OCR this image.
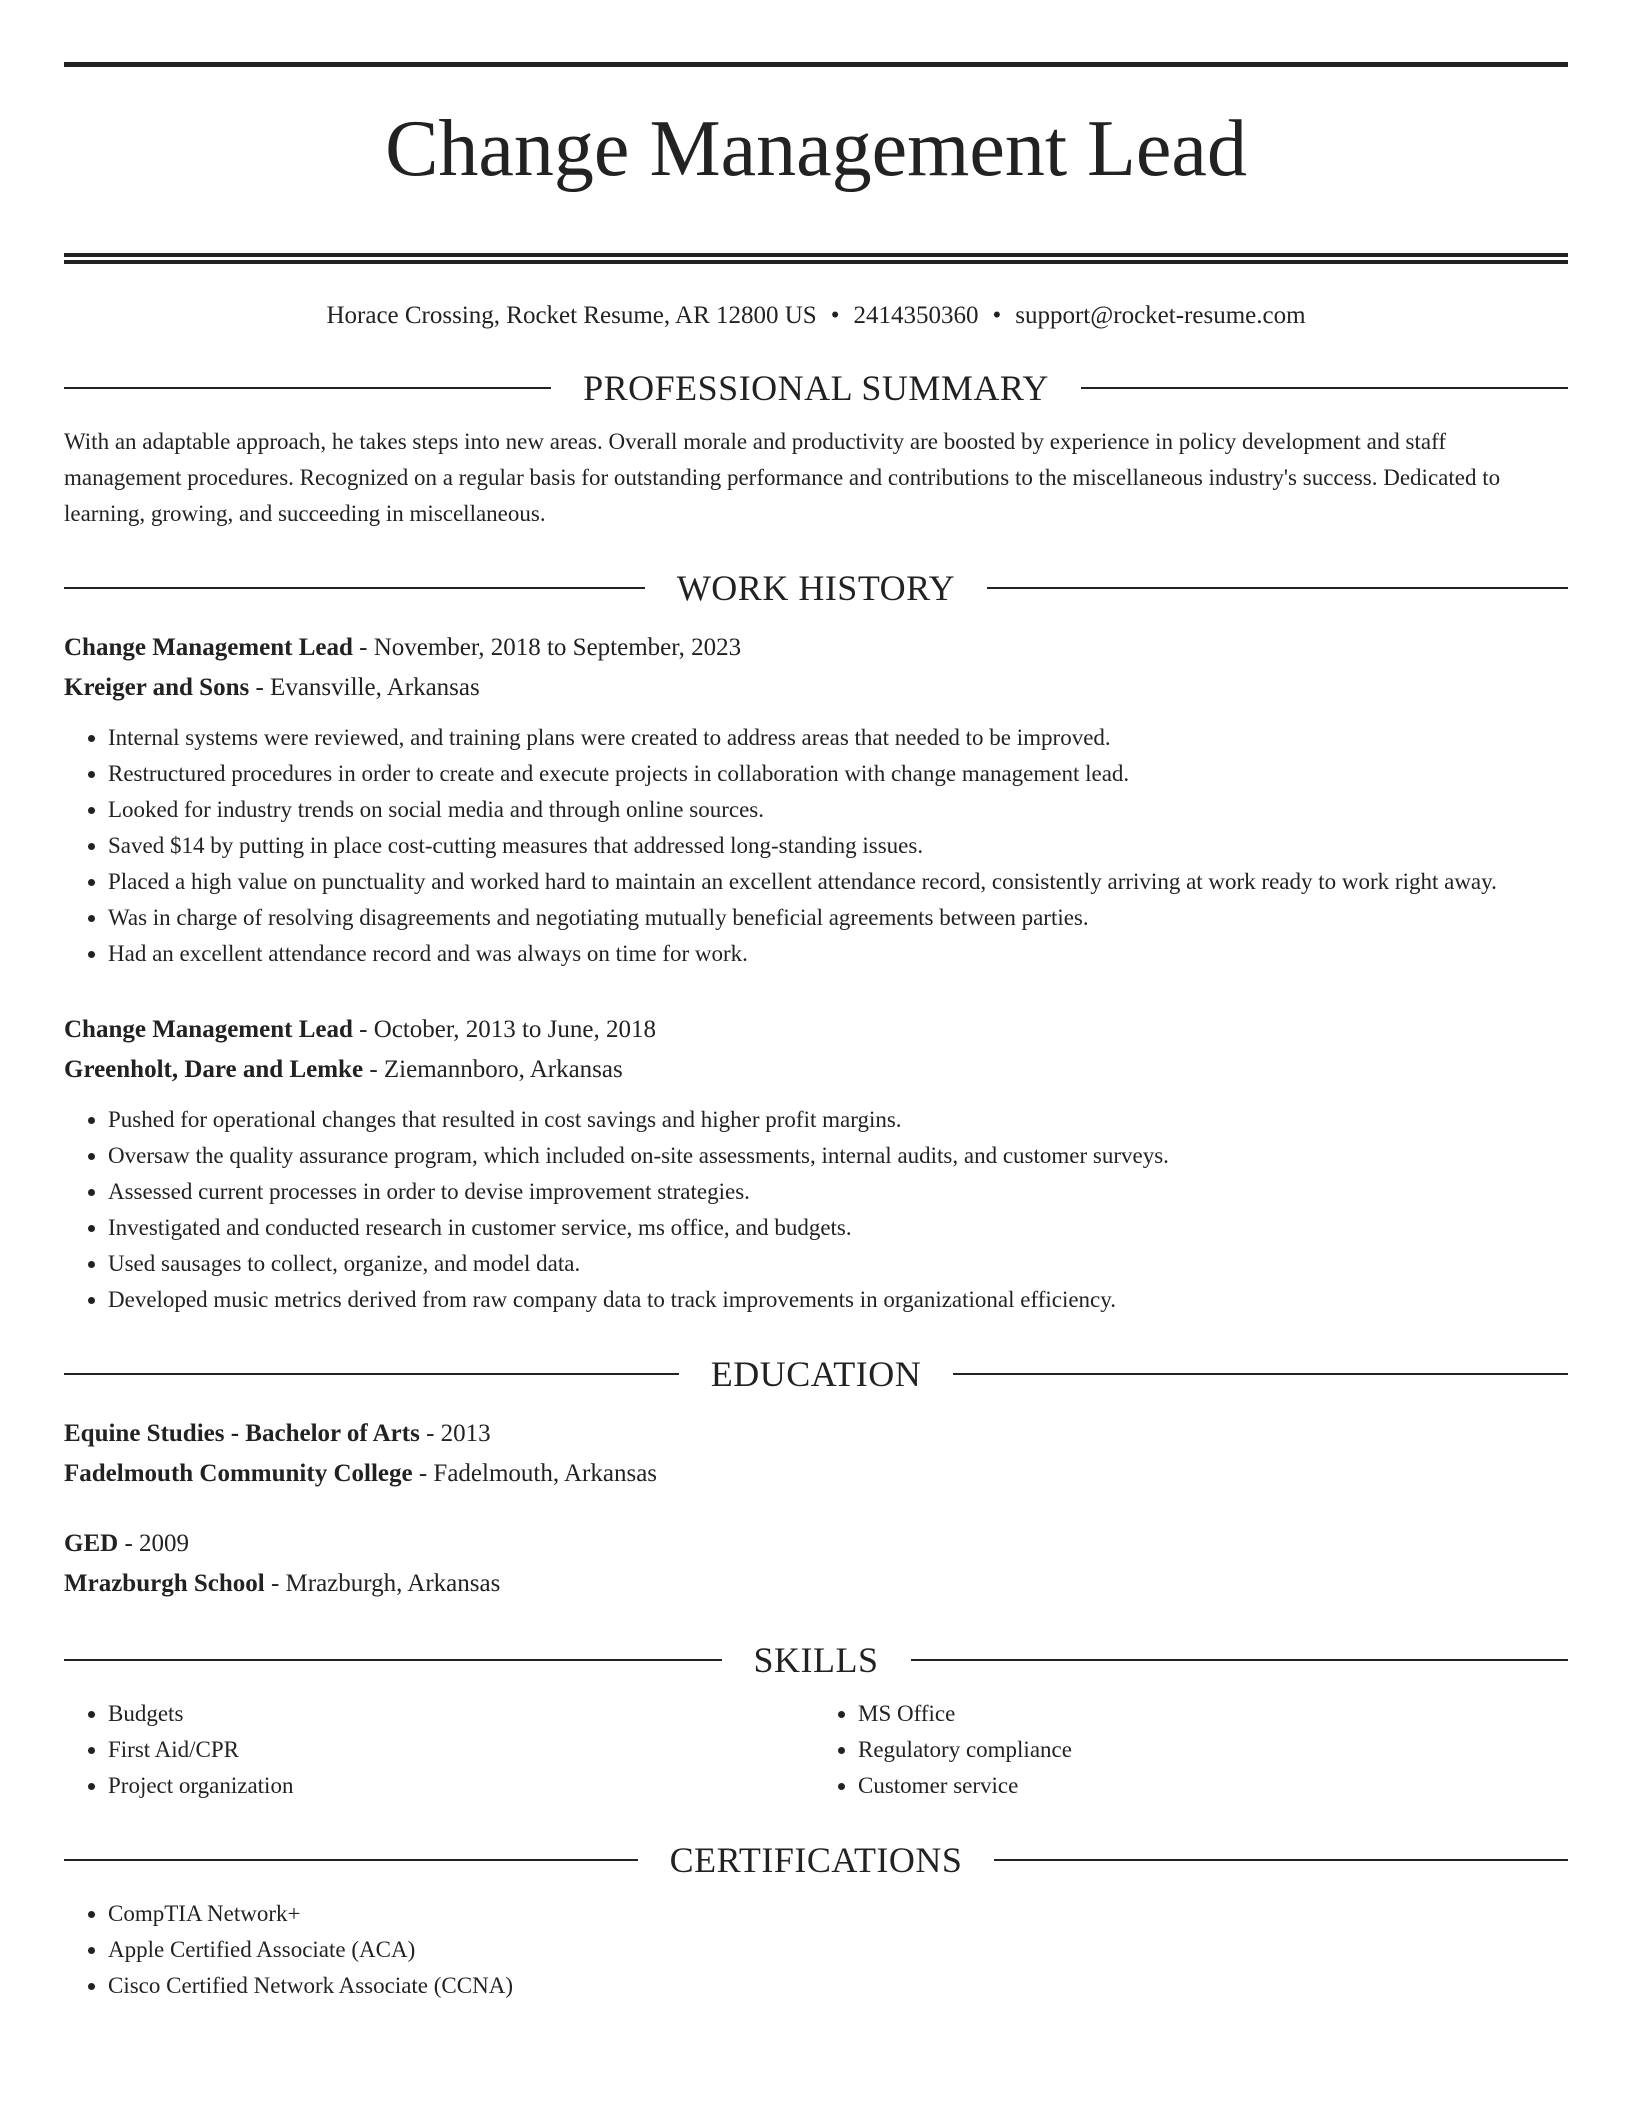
Change Management Lead
Horace Crossing, Rocket Resume, AR 12800 US • 2414350360 • support@rocket-resume.com
PROFESSIONAL SUMMARY
With an adaptable approach, he takes steps into new areas. Overall morale and productivity are boosted by experience in policy development and staff management procedures. Recognized on a regular basis for outstanding performance and contributions to the miscellaneous industry's success. Dedicated to learning, growing, and succeeding in miscellaneous.
WORK HISTORY
Change Management Lead - November, 2018 to September, 2023
Kreiger and Sons - Evansville, Arkansas
• Internal systems were reviewed, and training plans were created to address areas that needed to be improved.
• Restructured procedures in order to create and execute projects in collaboration with change management lead.
• Looked for industry trends on social media and through online sources.
• Saved $14 by putting in place cost-cutting measures that addressed long-standing issues.
• Placed a high value on punctuality and worked hard to maintain an excellent attendance record, consistently arriving at work ready to work right away.
• Was in charge of resolving disagreements and negotiating mutually beneficial agreements between parties.
• Had an excellent attendance record and was always on time for work.
Change Management Lead - October, 2013 to June, 2018
Greenholt, Dare and Lemke - Ziemannboro, Arkansas
• Pushed for operational changes that resulted in cost savings and higher profit margins.
• Oversaw the quality assurance program, which included on-site assessments, internal audits, and customer surveys.
• Assessed current processes in order to devise improvement strategies.
• Investigated and conducted research in customer service, ms office, and budgets.
• Used sausages to collect, organize, and model data.
• Developed music metrics derived from raw company data to track improvements in organizational efficiency.
EDUCATION
Equine Studies - Bachelor of Arts - 2013
Fadelmouth Community College - Fadelmouth, Arkansas
GED - 2009
Mrazburgh School - Mrazburgh, Arkansas
SKILLS
• Budgets
• First Aid/CPR
• Project organization
• MS Office
• Regulatory compliance
• Customer service
CERTIFICATIONS
• CompTIA Network+
• Apple Certified Associate (ACA)
• Cisco Certified Network Associate (CCNA)
